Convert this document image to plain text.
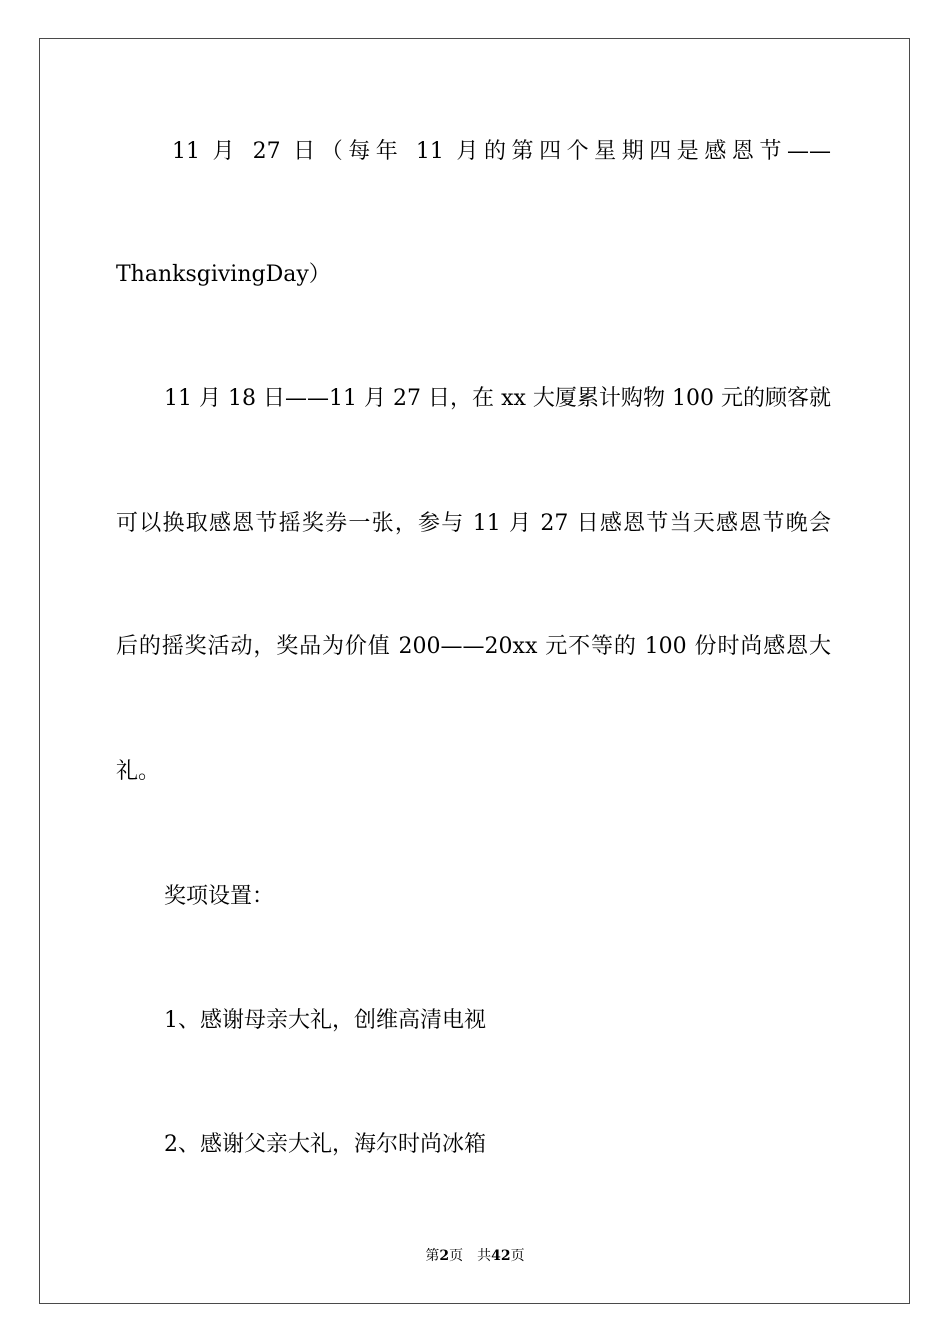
11 月 27 日（每年 11 月的第四个星期四是感恩节——

ThanksgivingDay）

11 月 18 日——11 月 27 日，在 xx 大厦累计购物 100 元的顾客就

可以换取感恩节摇奖券一张，参与 11 月 27 日感恩节当天感恩节晚会

后的摇奖活动，奖品为价值 200——20xx 元不等的 100 份时尚感恩大

礼。

奖项设置：

1、感谢母亲大礼，创维高清电视

2、感谢父亲大礼，海尔时尚冰箱

第2页 共42页
